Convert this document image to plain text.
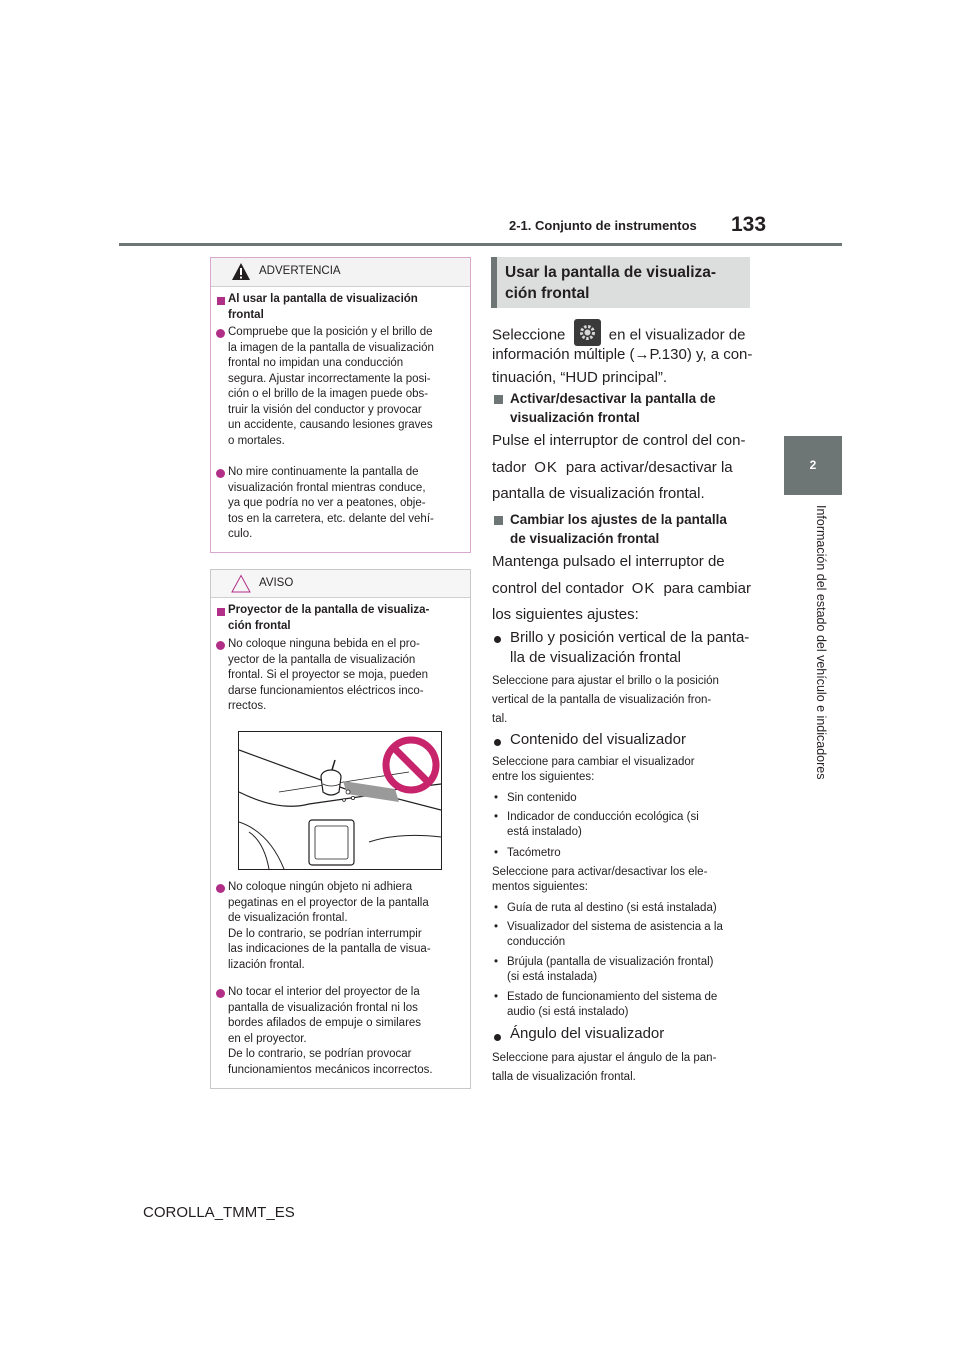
2-1. Conjunto de instrumentos 133
2
Información del estado del vehículo e indicadores
ADVERTENCIA
Al usar la pantalla de visualización
frontal
Compruebe que la posición y el brillo de
la imagen de la pantalla de visualización
frontal no impidan una conducción
segura. Ajustar incorrectamente la posi-
ción o el brillo de la imagen puede obs-
truir la visión del conductor y provocar
un accidente, causando lesiones graves
o mortales.
No mire continuamente la pantalla de
visualización frontal mientras conduce,
ya que podría no ver a peatones, obje-
tos en la carretera, etc. delante del vehí-
culo.
AVISO
Proyector de la pantalla de visualiza-
ción frontal
No coloque ninguna bebida en el pro-
yector de la pantalla de visualización
frontal. Si el proyector se moja, pueden
darse funcionamientos eléctricos inco-
rrectos.
No coloque ningún objeto ni adhiera
pegatinas en el proyector de la pantalla
de visualización frontal.
De lo contrario, se podrían interrumpir
las indicaciones de la pantalla de visua-
lización frontal.
No tocar el interior del proyector de la
pantalla de visualización frontal ni los
bordes afilados de empuje o similares
en el proyector.
De lo contrario, se podrían provocar
funcionamientos mecánicos incorrectos.
Usar la pantalla de visualiza-
ción frontal
Seleccione	en el visualizador de
información múltiple (→P.130) y, a con-
tinuación, “HUD principal”.
Activar/desactivar la pantalla de
visualización frontal
Pulse el interruptor de control del con-
tador OK para activar/desactivar la
pantalla de visualización frontal.
Cambiar los ajustes de la pantalla
de visualización frontal
Mantenga pulsado el interruptor de
control del contador OK para cambiar
los siguientes ajustes:
Brillo y posición vertical de la panta-
lla de visualización frontal
Seleccione para ajustar el brillo o la posición
vertical de la pantalla de visualización fron-
tal.
Contenido del visualizador
Seleccione para cambiar el visualizador
entre los siguientes:
• Sin contenido
• Indicador de conducción ecológica (si
está instalado)
• Tacómetro
Seleccione para activar/desactivar los ele-
mentos siguientes:
• Guía de ruta al destino (si está instalada)
• Visualizador del sistema de asistencia a la
conducción
• Brújula (pantalla de visualización frontal)
(si está instalada)
• Estado de funcionamiento del sistema de
audio (si está instalado)
Ángulo del visualizador
Seleccione para ajustar el ángulo de la pan-
talla de visualización frontal.
COROLLA_TMMT_ES
